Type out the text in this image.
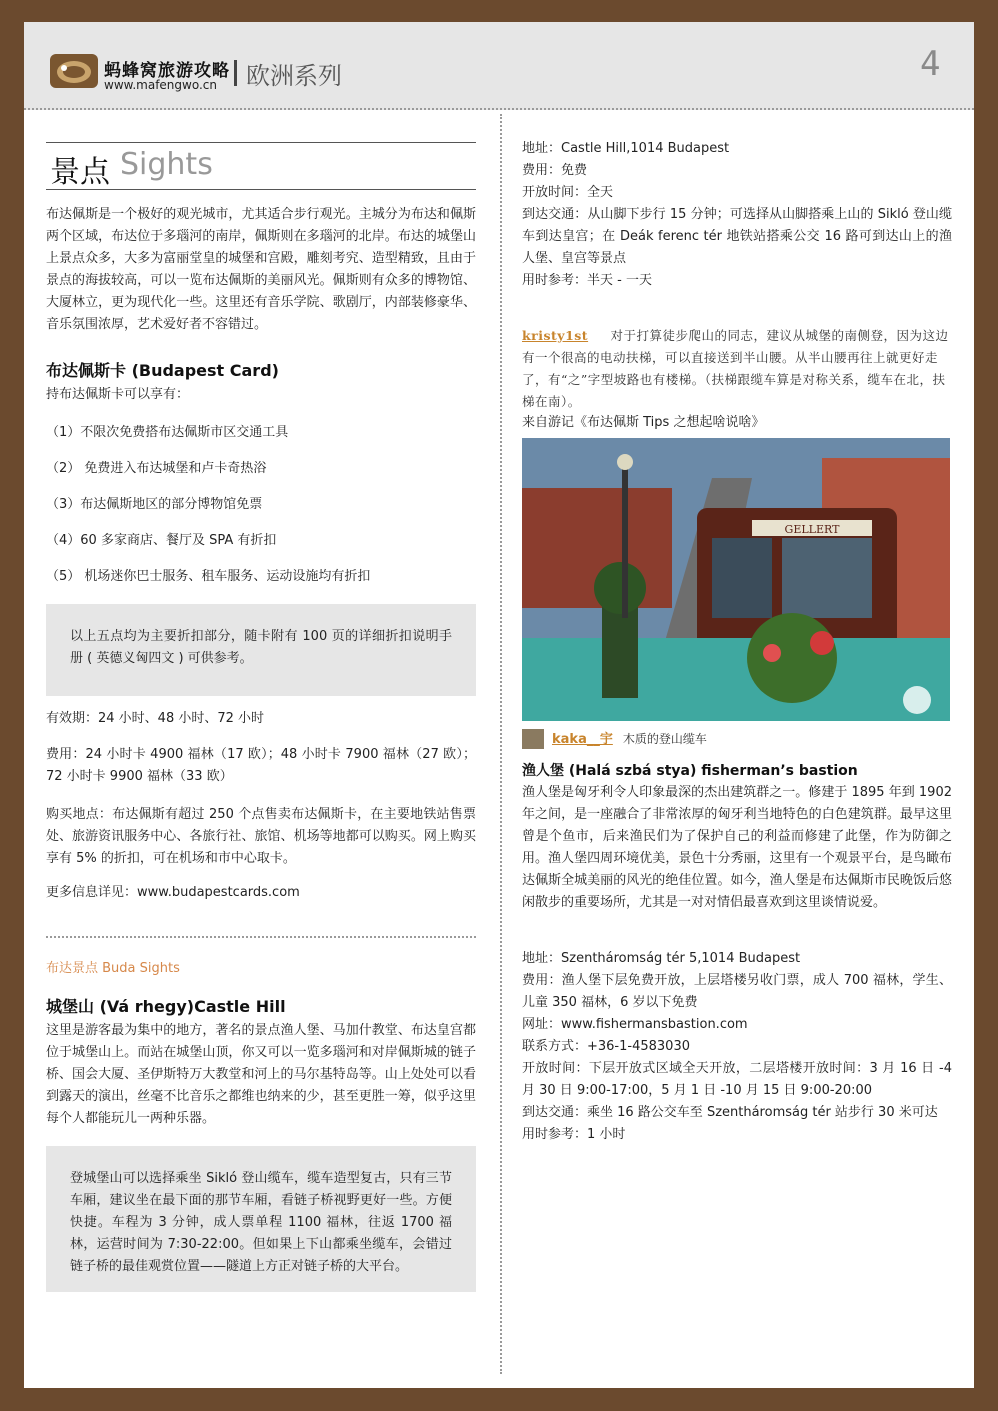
蚂蜂窝旅游攻略
www.mafengwo.cn 欧洲系列	4
景点 Sights

布达佩斯是一个极好的观光城市，尤其适合步行观光。主城分为布达和佩斯两个区域，布达位于多瑙河的南岸，佩斯则在多瑙河的北岸。布达的城堡山上景点众多，大多为富丽堂皇的城堡和宫殿，雕刻考究、造型精致，且由于景点的海拔较高，可以一览布达佩斯的美丽风光。佩斯则有众多的博物馆、大厦林立，更为现代化一些。这里还有音乐学院、歌剧厅，内部装修豪华、音乐氛围浓厚，艺术爱好者不容错过。

布达佩斯卡 (Budapest Card)

持布达佩斯卡可以享有：

（1）不限次免费搭布达佩斯市区交通工具
（2） 免费进入布达城堡和卢卡奇热浴
（3）布达佩斯地区的部分博物馆免票
（4）60 多家商店、餐厅及 SPA 有折扣
（5） 机场迷你巴士服务、租车服务、运动设施均有折扣

以上五点均为主要折扣部分，随卡附有 100 页的详细折扣说明手册 ( 英德义匈四文 ) 可供参考。

有效期：24 小时、48 小时、72 小时

费用：24 小时卡 4900 福林（17 欧）；48 小时卡 7900 福林（27 欧）；72 小时卡 9900 福林（33 欧）

购买地点：布达佩斯有超过 250 个点售卖布达佩斯卡，在主要地铁站售票处、旅游资讯服务中心、各旅行社、旅馆、机场等地都可以购买。网上购买享有 5% 的折扣，可在机场和市中心取卡。

更多信息详见：www.budapestcards.com

布达景点 Buda Sights

城堡山 (Vá rhegy)Castle Hill

这里是游客最为集中的地方，著名的景点渔人堡、马加什教堂、布达皇宫都位于城堡山上。而站在城堡山顶，你又可以一览多瑙河和对岸佩斯城的链子桥、国会大厦、圣伊斯特万大教堂和河上的马尔基特岛等。山上处处可以看到露天的演出，丝毫不比音乐之都维也纳来的少，甚至更胜一筹，似乎这里每个人都能玩儿一两种乐器。

登城堡山可以选择乘坐 Sikló 登山缆车，缆车造型复古，只有三节车厢，建议坐在最下面的那节车厢，看链子桥视野更好一些。方便快捷。车程为 3 分钟，成人票单程 1100 福林，往返 1700 福林，运营时间为 7:30-22:00。但如果上下山都乘坐缆车，会错过链子桥的最佳观赏位置——隧道上方正对链子桥的大平台。

地址：Castle Hill,1014 Budapest

费用：免费

开放时间：全天

到达交通：从山脚下步行 15 分钟；可选择从山脚搭乘上山的 Sikló 登山缆车到达皇宫；在 Deák ferenc tér 地铁站搭乘公交 16 路可到达山上的渔人堡、皇宫等景点

用时参考：半天 - 一天

kristy1st 对于打算徒步爬山的同志，建议从城堡的南侧登，因为这边有一个很高的电动扶梯，可以直接送到半山腰。从半山腰再往上就更好走了，有“之”字型坡路也有楼梯。（扶梯跟缆车算是对称关系，缆车在北，扶梯在南）。

来自游记《布达佩斯 Tips 之想起啥说啥》

GELLERT
kaka__宇 木质的登山缆车

渔人堡 (Halá szbá stya) fisherman’s bastion

渔人堡是匈牙利令人印象最深的杰出建筑群之一。修建于 1895 年到 1902 年之间，是一座融合了非常浓厚的匈牙利当地特色的白色建筑群。最早这里曾是个鱼市，后来渔民们为了保护自己的利益而修建了此堡，作为防御之用。渔人堡四周环境优美，景色十分秀丽，这里有一个观景平台，是鸟瞰布达佩斯全城美丽的风光的绝佳位置。如今，渔人堡是布达佩斯市民晚饭后悠闲散步的重要场所，尤其是一对对情侣最喜欢到这里谈情说爱。

地址：Szentháromság tér 5,1014 Budapest

费用：渔人堡下层免费开放，上层塔楼另收门票，成人 700 福林，学生、儿童 350 福林，6 岁以下免费

网址：www.fishermansbastion.com

联系方式：+36-1-4583030

开放时间：下层开放式区域全天开放，二层塔楼开放时间：3 月 16 日 -4 月 30 日 9:00-17:00，5 月 1 日 -10 月 15 日 9:00-20:00

到达交通：乘坐 16 路公交车至 Szentháromság tér 站步行 30 米可达

用时参考：1 小时
